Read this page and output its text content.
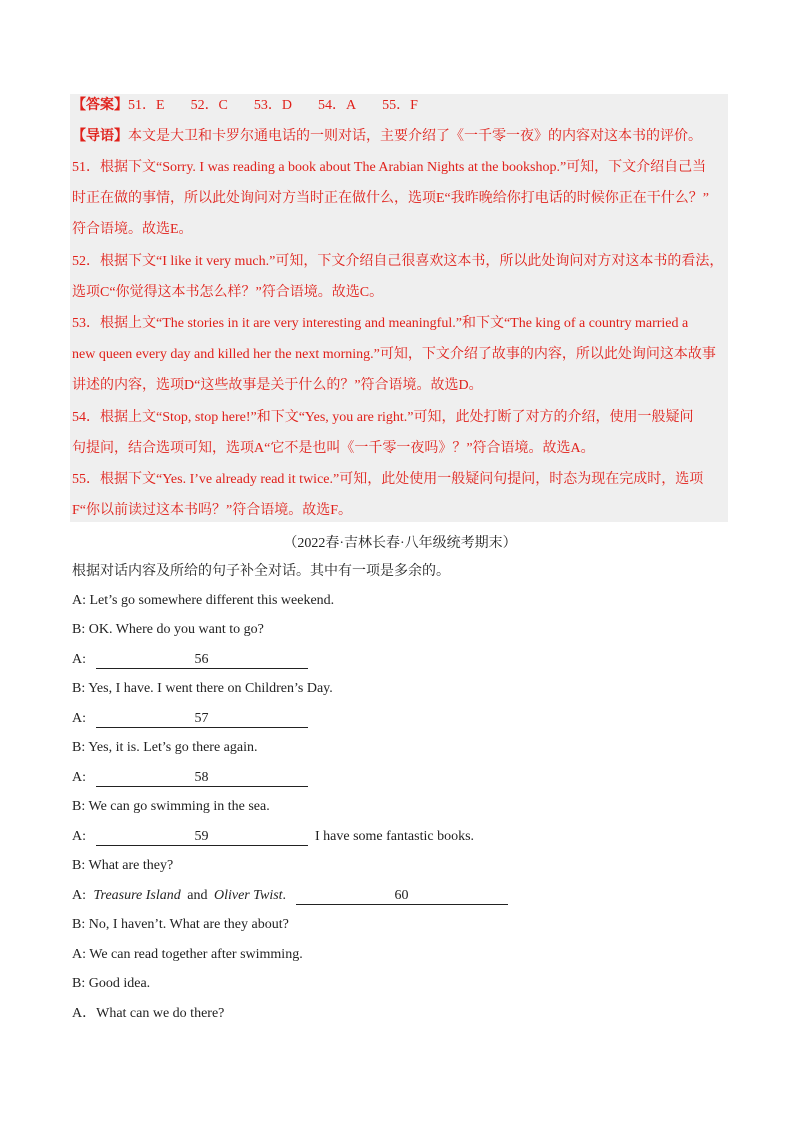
【答案】51．E 52．C 53．D 54．A 55．F
【导语】本文是大卫和卡罗尔通电话的一则对话，主要介绍了《一千零一夜》的内容对这本书的评价。
51．根据下文“Sorry. I was reading a book about The Arabian Nights at the bookshop.”可知，下文介绍自己当
时正在做的事情，所以此处询问对方当时正在做什么，选项E“我昨晚给你打电话的时候你正在干什么？”
符合语境。故选E。
52．根据下文“I like it very much.”可知，下文介绍自己很喜欢这本书，所以此处询问对方对这本书的看法，
选项C“你觉得这本书怎么样？”符合语境。故选C。
53．根据上文“The stories in it are very interesting and meaningful.”和下文“The king of a country married a
new queen every day and killed her the next morning.”可知，下文介绍了故事的内容，所以此处询问这本故事
讲述的内容，选项D“这些故事是关于什么的？”符合语境。故选D。
54．根据上文“Stop, stop here!”和下文“Yes, you are right.”可知，此处打断了对方的介绍，使用一般疑问
句提问，结合选项可知，选项A“它不是也叫《一千零一夜吗》？”符合语境。故选A。
55．根据下文“Yes. I’ve already read it twice.”可知，此处使用一般疑问句提问，时态为现在完成时，选项
F“你以前读过这本书吗？”符合语境。故选F。
（2022春·吉林长春·八年级统考期末）
根据对话内容及所给的句子补全对话。其中有一项是多余的。
A: Let’s go somewhere different this weekend.
B: OK. Where do you want to go?
A:	56
B: Yes, I have. I went there on Children’s Day.
A:	57
B: Yes, it is. Let’s go there again.
A:	58
B: We can go swimming in the sea.
A:	59	I have some fantastic books.
B: What are they?
A: Treasure Island and Oliver Twist.	60
B: No, I haven’t. What are they about?
A: We can read together after swimming.
B: Good idea.
A．What can we do there?
